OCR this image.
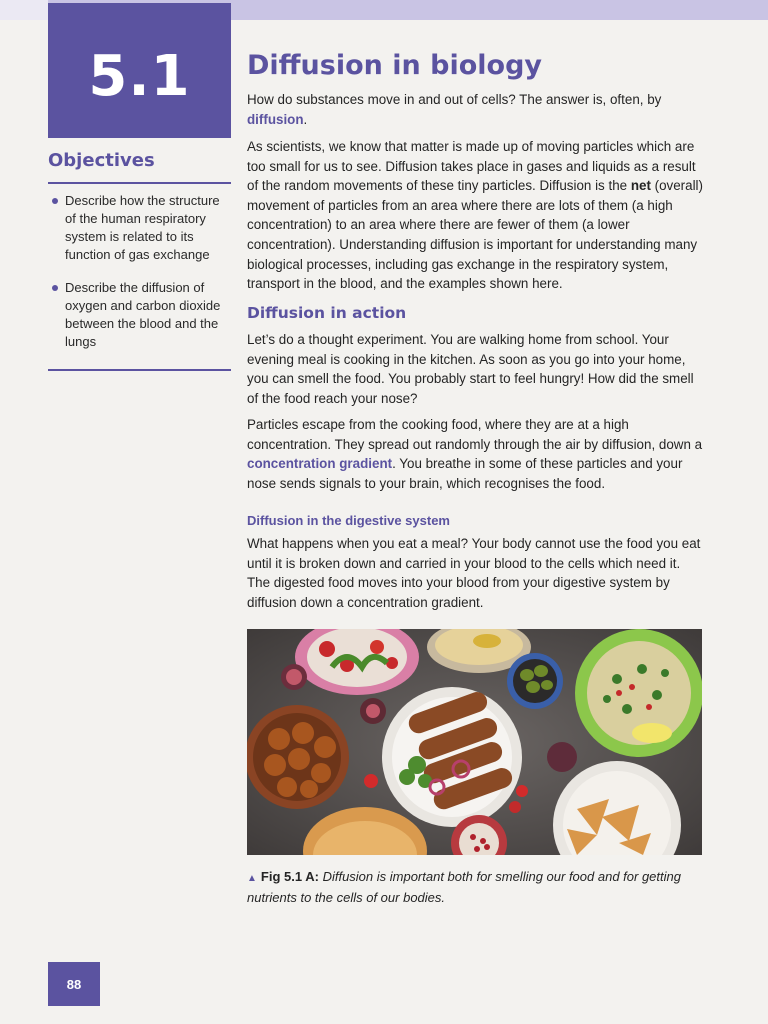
5.1
Objectives
Describe how the structure of the human respiratory system is related to its function of gas exchange
Describe the diffusion of oxygen and carbon dioxide between the blood and the lungs
Diffusion in biology

How do substances move in and out of cells? The answer is, often, by diffusion.

As scientists, we know that matter is made up of moving particles which are too small for us to see. Diffusion takes place in gases and liquids as a result of the random movements of these tiny particles. Diffusion is the net (overall) movement of particles from an area where there are lots of them (a high concentration) to an area where there are fewer of them (a lower concentration). Understanding diffusion is important for understanding many biological processes, including gas exchange in the respiratory system, transport in the blood, and the examples shown here.

Diffusion in action

Let’s do a thought experiment. You are walking home from school. Your evening meal is cooking in the kitchen. As soon as you go into your home, you can smell the food. You probably start to feel hungry! How did the smell of the food reach your nose?

Particles escape from the cooking food, where they are at a high concentration. They spread out randomly through the air by diffusion, down a concentration gradient. You breathe in some of these particles and your nose sends signals to your brain, which recognises the food.

Diffusion in the digestive system

What happens when you eat a meal? Your body cannot use the food you eat until it is broken down and carried in your blood to the cells which need it. The digested food moves into your blood from your digestive system by diffusion down a concentration gradient.

▲ Fig 5.1 A: Diffusion is important both for smelling our food and for getting nutrients to the cells of our bodies.

88
